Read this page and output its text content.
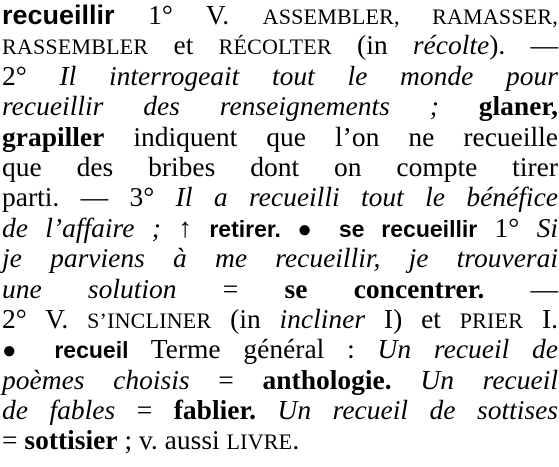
recueillir 1° V. ASSEMBLER, RAMASSER,
RASSEMBLER et RÉCOLTER (in récolte). —
2° Il interrogeait tout le monde pour
recueillir des renseignements ; glaner,
grapiller indiquent que l’on ne recueille
que des bribes dont on compte tirer
parti. — 3° Il a recueilli tout le bénéfice
de l’affaire ; ↑ retirer. ● se recueillir 1° Si
je parviens à me recueillir, je trouverai
une solution = se concentrer. —
2° V. S’INCLINER (in incliner I) et PRIER I.
● recueil Terme général : Un recueil de
poèmes choisis = anthologie. Un recueil
de fables = fablier. Un recueil de sottises
= sottisier ; v. aussi LIVRE.
